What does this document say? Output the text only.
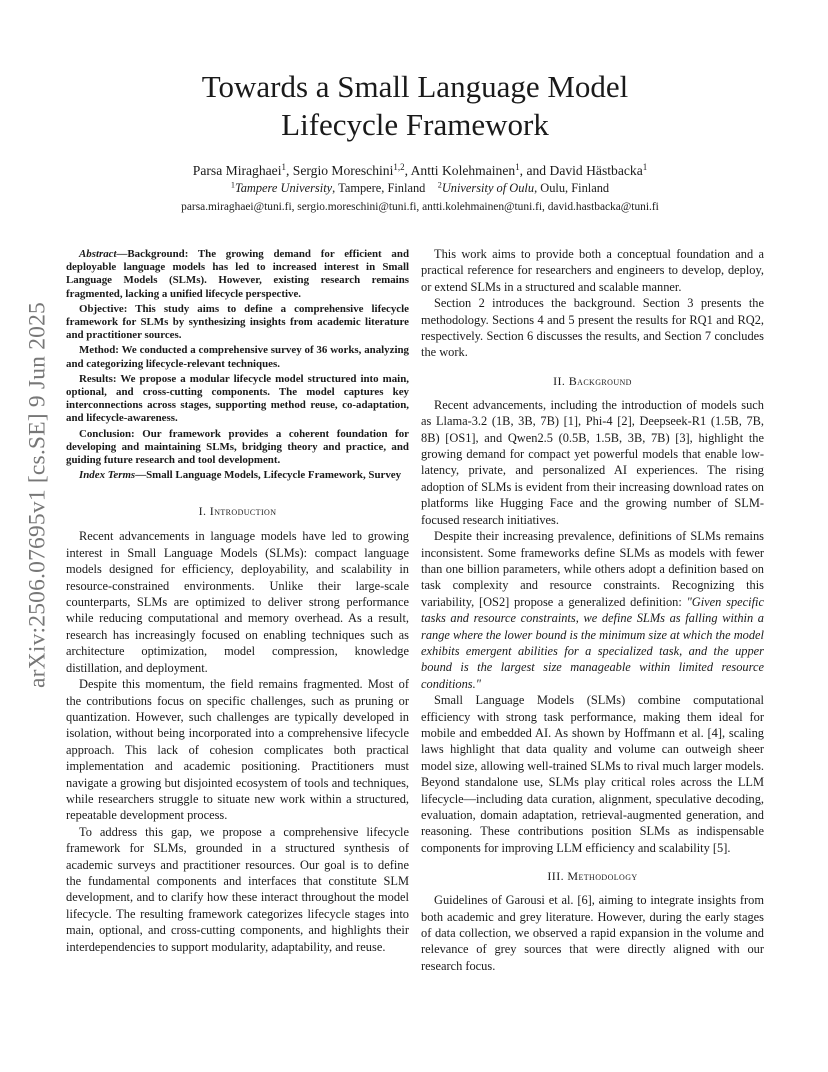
arXiv:2506.07695v1 [cs.SE] 9 Jun 2025
Towards a Small Language Model
Lifecycle Framework
Parsa Miraghaei$^1$, Sergio Moreschini$^{1,2}$, Antti Kolehmainen$^1$, and David Hästbacka$^1$
$^1$Tampere University, Tampere, Finland $^2$University of Oulu, Oulu, Finland
parsa.miraghaei@tuni.fi, sergio.moreschini@tuni.fi, antti.kolehmainen@tuni.fi, david.hastbacka@tuni.fi

Abstract—Background: The growing demand for efficient and deployable language models has led to increased interest in Small Language Models (SLMs). However, existing research remains fragmented, lacking a unified lifecycle perspective.

Objective: This study aims to define a comprehensive lifecycle framework for SLMs by synthesizing insights from academic literature and practitioner sources.

Method: We conducted a comprehensive survey of 36 works, analyzing and categorizing lifecycle-relevant techniques.

Results: We propose a modular lifecycle model structured into main, optional, and cross-cutting components. The model captures key interconnections across stages, supporting method reuse, co-adaptation, and lifecycle-awareness.

Conclusion: Our framework provides a coherent foundation for developing and maintaining SLMs, bridging theory and practice, and guiding future research and tool development.

Index Terms—Small Language Models, Lifecycle Framework, Survey

I. Introduction

Recent advancements in language models have led to growing interest in Small Language Models (SLMs): compact language models designed for efficiency, deployability, and scalability in resource-constrained environments. Unlike their large-scale counterparts, SLMs are optimized to deliver strong performance while reducing computational and memory overhead. As a result, research has increasingly focused on enabling techniques such as architecture optimization, model compression, knowledge distillation, and deployment.

Despite this momentum, the field remains fragmented. Most of the contributions focus on specific challenges, such as pruning or quantization. However, such challenges are typically developed in isolation, without being incorporated into a comprehensive lifecycle approach. This lack of cohesion complicates both practical implementation and academic positioning. Practitioners must navigate a growing but disjointed ecosystem of tools and techniques, while researchers struggle to situate new work within a structured, repeatable development process.

To address this gap, we propose a comprehensive lifecycle framework for SLMs, grounded in a structured synthesis of academic surveys and practitioner resources. Our goal is to define the fundamental components and interfaces that constitute SLM development, and to clarify how these interact throughout the model lifecycle. The resulting framework categorizes lifecycle stages into main, optional, and cross-cutting components, and highlights their interdependencies to support modularity, adaptability, and reuse.

This work aims to provide both a conceptual foundation and a practical reference for researchers and engineers to develop, deploy, or extend SLMs in a structured and scalable manner.

Section 2 introduces the background. Section 3 presents the methodology. Sections 4 and 5 present the results for RQ1 and RQ2, respectively. Section 6 discusses the results, and Section 7 concludes the work.

II. Background

Recent advancements, including the introduction of models such as Llama-3.2 (1B, 3B, 7B) [1], Phi-4 [2], Deepseek-R1 (1.5B, 7B, 8B) [OS1], and Qwen2.5 (0.5B, 1.5B, 3B, 7B) [3], highlight the growing demand for compact yet powerful models that enable low-latency, private, and personalized AI experiences. The rising adoption of SLMs is evident from their increasing download rates on platforms like Hugging Face and the growing number of SLM-focused research initiatives.

Despite their increasing prevalence, definitions of SLMs remains inconsistent. Some frameworks define SLMs as models with fewer than one billion parameters, while others adopt a definition based on task complexity and resource constraints. Recognizing this variability, [OS2] propose a generalized definition: "Given specific tasks and resource constraints, we define SLMs as falling within a range where the lower bound is the minimum size at which the model exhibits emergent abilities for a specialized task, and the upper bound is the largest size manageable within limited resource conditions."

Small Language Models (SLMs) combine computational efficiency with strong task performance, making them ideal for mobile and embedded AI. As shown by Hoffmann et al. [4], scaling laws highlight that data quality and volume can outweigh sheer model size, allowing well-trained SLMs to rival much larger models. Beyond standalone use, SLMs play critical roles across the LLM lifecycle—including data curation, alignment, speculative decoding, evaluation, domain adaptation, retrieval-augmented generation, and reasoning. These contributions position SLMs as indispensable components for improving LLM efficiency and scalability [5].

III. Methodology

Guidelines of Garousi et al. [6], aiming to integrate insights from both academic and grey literature. However, during the early stages of data collection, we observed a rapid expansion in the volume and relevance of grey sources that were directly aligned with our research focus.
